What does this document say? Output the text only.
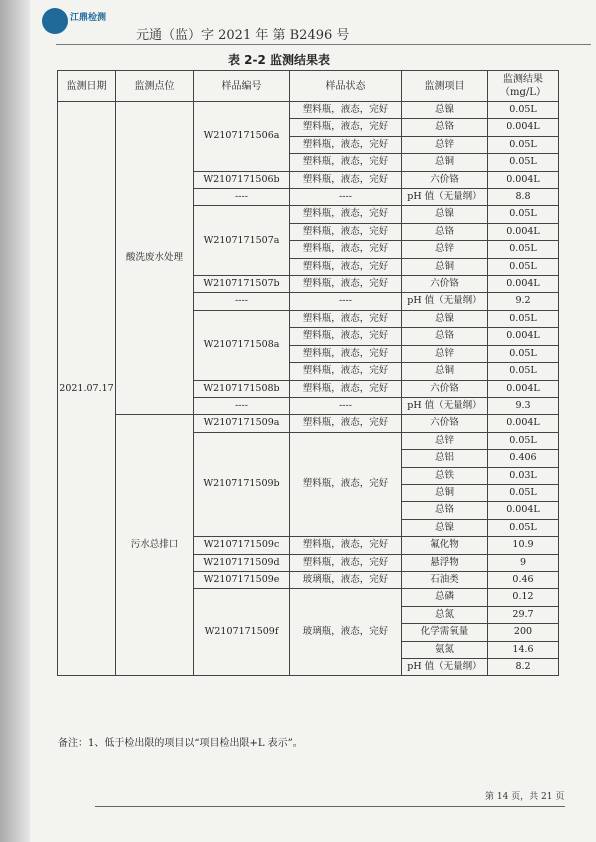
江鼎检测
元通（监）字 2021 年 第 B2496 号
表 2-2 监测结果表
监测日期	监测点位	样品编号	样品状态	监测项目	监测结果 （mg/L）
2021.07.17	酸洗废水处理	W2107171506a	塑料瓶，液态，完好	总镍	0.05L
			塑料瓶，液态，完好	总铬	0.004L
			塑料瓶，液态，完好	总锌	0.05L
			塑料瓶，液态，完好	总铜	0.05L
		W2107171506b	塑料瓶，液态，完好	六价铬	0.004L
		----	----	pH 值（无量纲）	8.8
		W2107171507a	塑料瓶，液态，完好	总镍	0.05L
			塑料瓶，液态，完好	总铬	0.004L
			塑料瓶，液态，完好	总锌	0.05L
			塑料瓶，液态，完好	总铜	0.05L
		W2107171507b	塑料瓶，液态，完好	六价铬	0.004L
		----	----	pH 值（无量纲）	9.2
		W2107171508a	塑料瓶，液态，完好	总镍	0.05L
			塑料瓶，液态，完好	总铬	0.004L
			塑料瓶，液态，完好	总锌	0.05L
			塑料瓶，液态，完好	总铜	0.05L
		W2107171508b	塑料瓶，液态，完好	六价铬	0.004L
		----	----	pH 值（无量纲）	9.3
	污水总排口	W2107171509a	塑料瓶，液态，完好	六价铬	0.004L
		W2107171509b	塑料瓶，液态，完好	总锌	0.05L
				总铝	0.406
				总铁	0.03L
				总铜	0.05L
				总铬	0.004L
				总镍	0.05L
		W2107171509c	塑料瓶，液态，完好	氟化物	10.9
		W2107171509d	塑料瓶，液态，完好	悬浮物	9
		W2107171509e	玻璃瓶，液态，完好	石油类	0.46
		W2107171509f	玻璃瓶，液态，完好	总磷	0.12
				总氮	29.7
				化学需氧量	200
				氨氮	14.6
				pH 值（无量纲）	8.2
备注：1、低于检出限的项目以“项目检出限+L 表示”。
第 14 页，共 21 页
